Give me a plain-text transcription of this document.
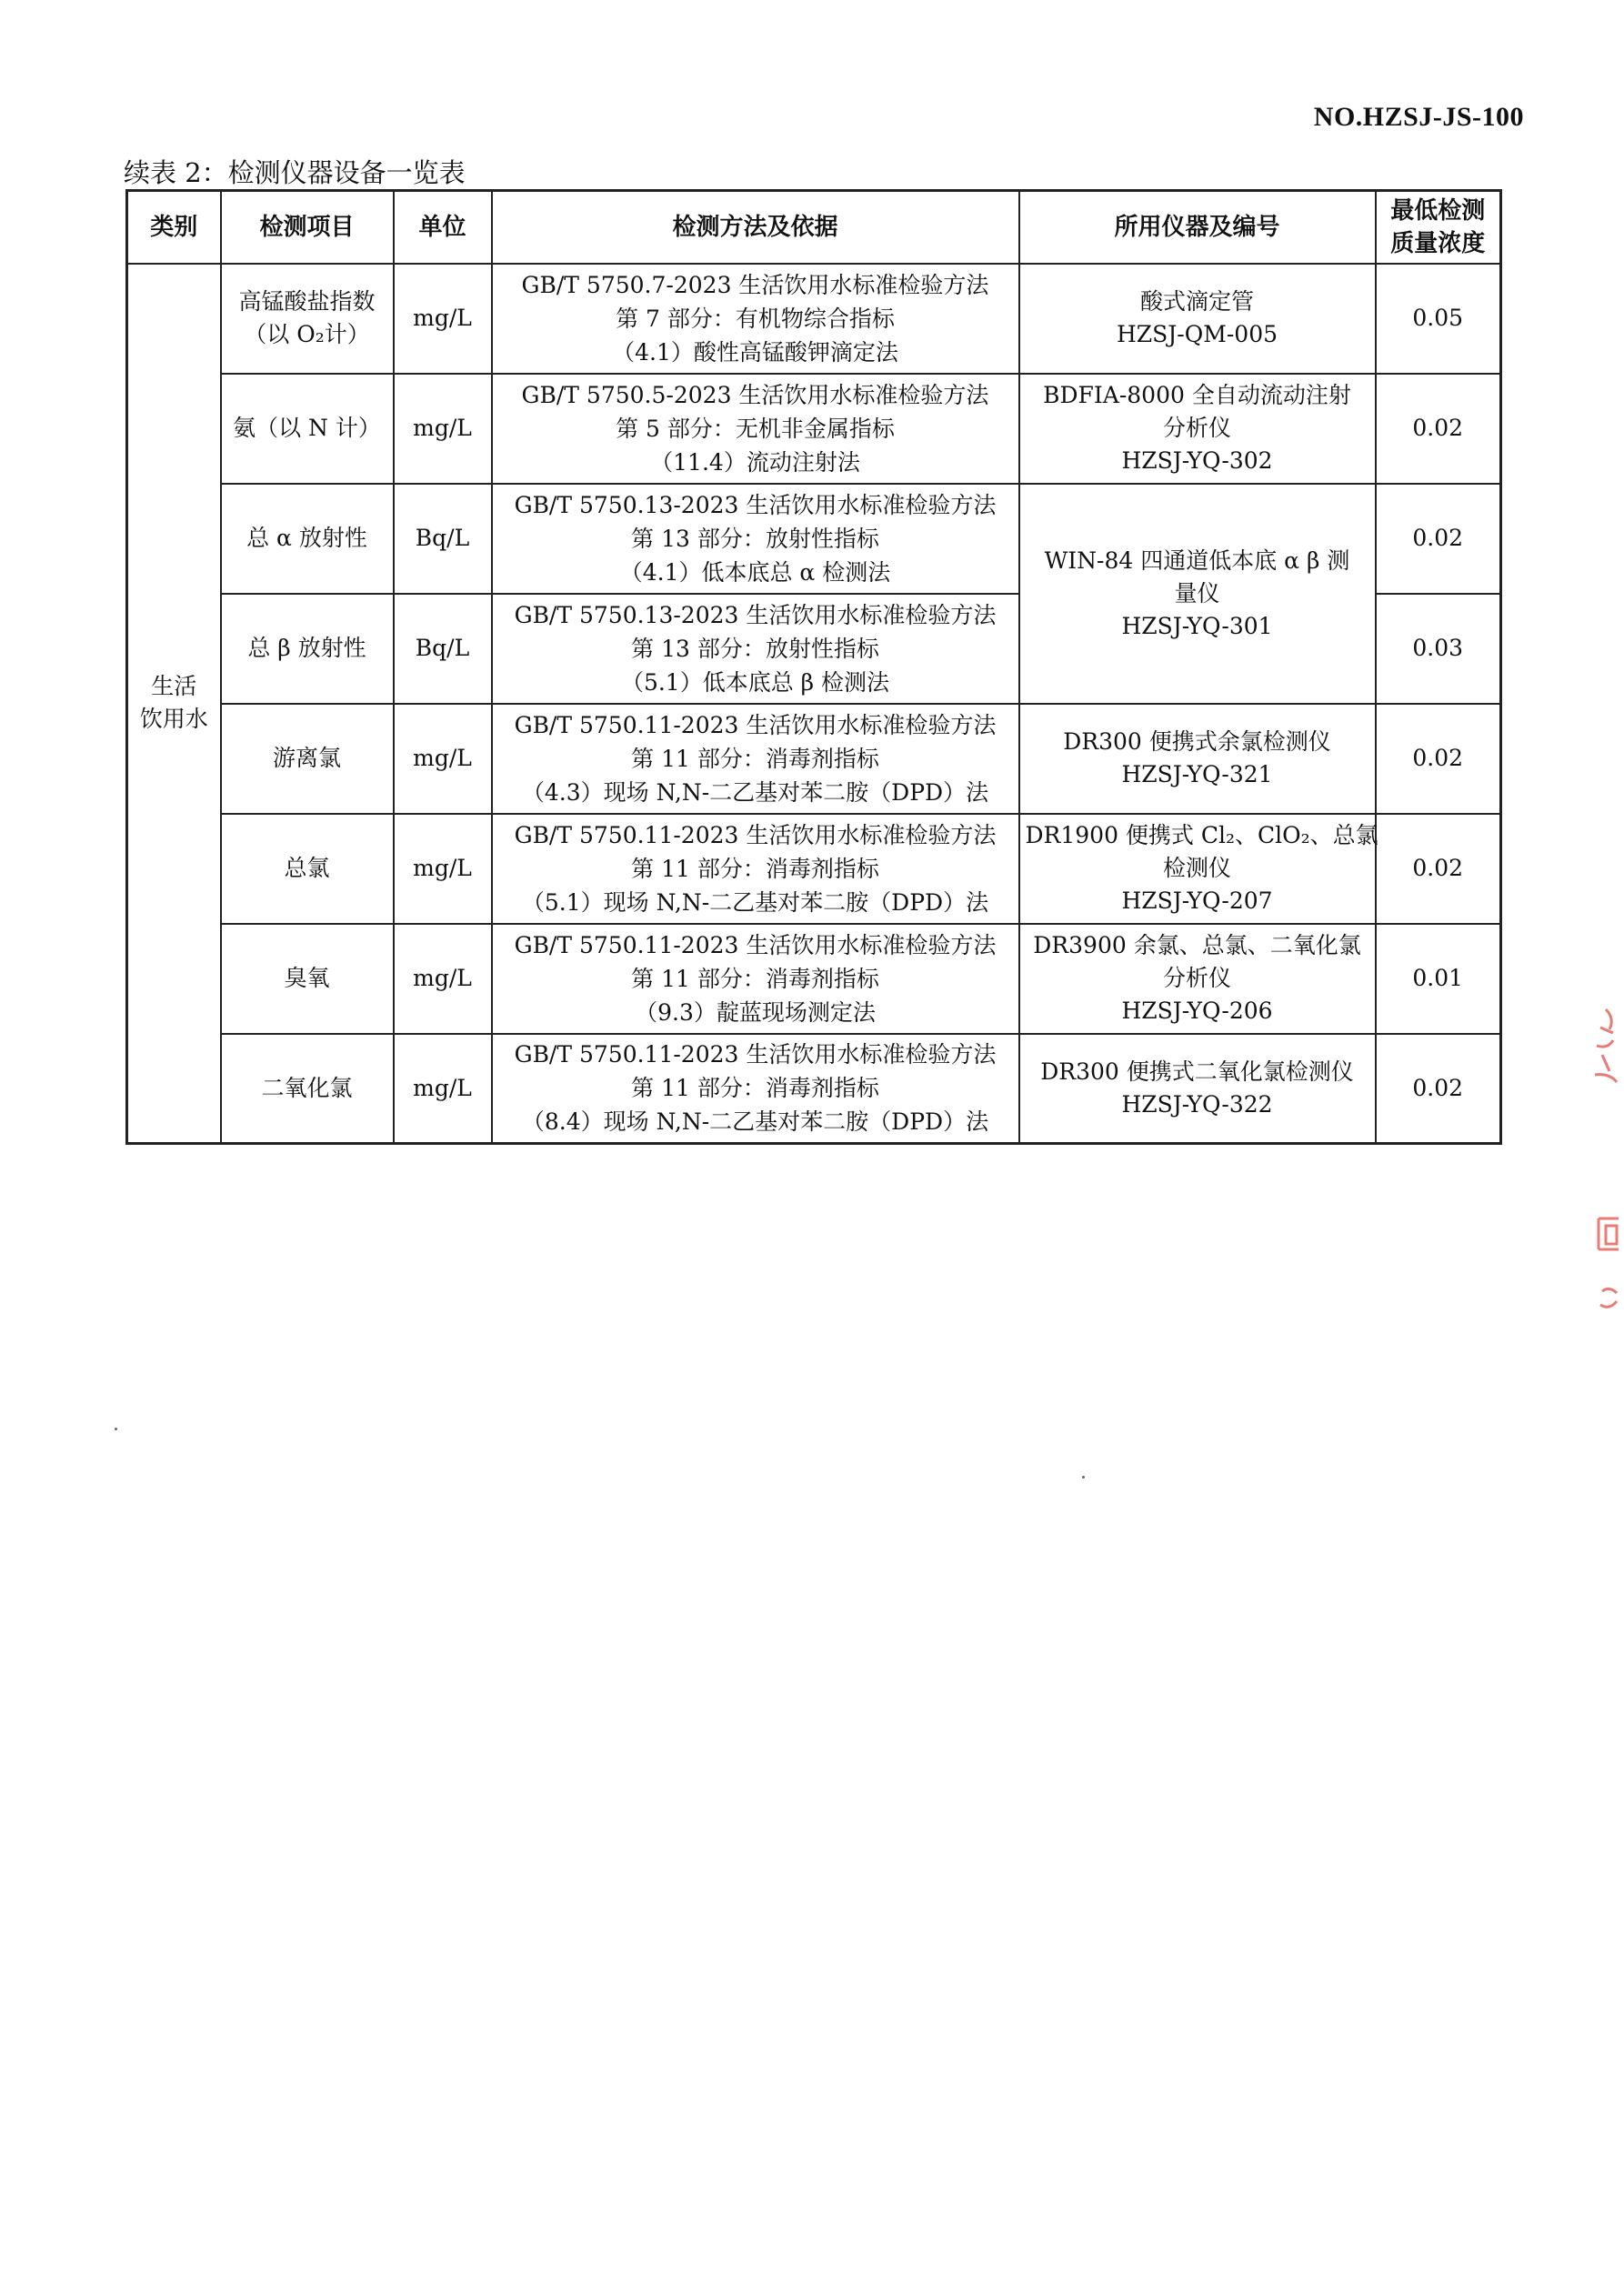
NO.HZSJ-JS-100
续表 2：检测仪器设备一览表
类别	检测项目	单位	检测方法及依据	所用仪器及编号	最低检测
质量浓度

生活
饮用水	高锰酸盐指数
（以 O₂计）	mg/L	GB/T 5750.7-2023 生活饮用水标准检验方法
第 7 部分：有机物综合指标
（4.1）酸性高锰酸钾滴定法	酸式滴定管
HZSJ-QM-005	0.05

	氨（以 N 计）	mg/L	GB/T 5750.5-2023 生活饮用水标准检验方法
第 5 部分：无机非金属指标
（11.4）流动注射法	BDFIA-8000 全自动流动注射
分析仪
HZSJ-YQ-302	0.02

	总 α 放射性	Bq/L	GB/T 5750.13-2023 生活饮用水标准检验方法
第 13 部分：放射性指标
（4.1）低本底总 α 检测法	WIN-84 四通道低本底 α β 测
量仪
HZSJ-YQ-301	0.02

	总 β 放射性	Bq/L	GB/T 5750.13-2023 生活饮用水标准检验方法
第 13 部分：放射性指标
（5.1）低本底总 β 检测法		0.03

	游离氯	mg/L	GB/T 5750.11-2023 生活饮用水标准检验方法
第 11 部分：消毒剂指标
（4.3）现场 N,N-二乙基对苯二胺（DPD）法	DR300 便携式余氯检测仪
HZSJ-YQ-321	0.02

	总氯	mg/L	GB/T 5750.11-2023 生活饮用水标准检验方法
第 11 部分：消毒剂指标
（5.1）现场 N,N-二乙基对苯二胺（DPD）法	DR1900 便携式 Cl₂、ClO₂、总氯
检测仪
HZSJ-YQ-207	0.02

	臭氧	mg/L	GB/T 5750.11-2023 生活饮用水标准检验方法
第 11 部分：消毒剂指标
（9.3）靛蓝现场测定法	DR3900 余氯、总氯、二氧化氯
分析仪
HZSJ-YQ-206	0.01

	二氧化氯	mg/L	GB/T 5750.11-2023 生活饮用水标准检验方法
第 11 部分：消毒剂指标
（8.4）现场 N,N-二乙基对苯二胺（DPD）法	DR300 便携式二氧化氯检测仪
HZSJ-YQ-322	0.02
